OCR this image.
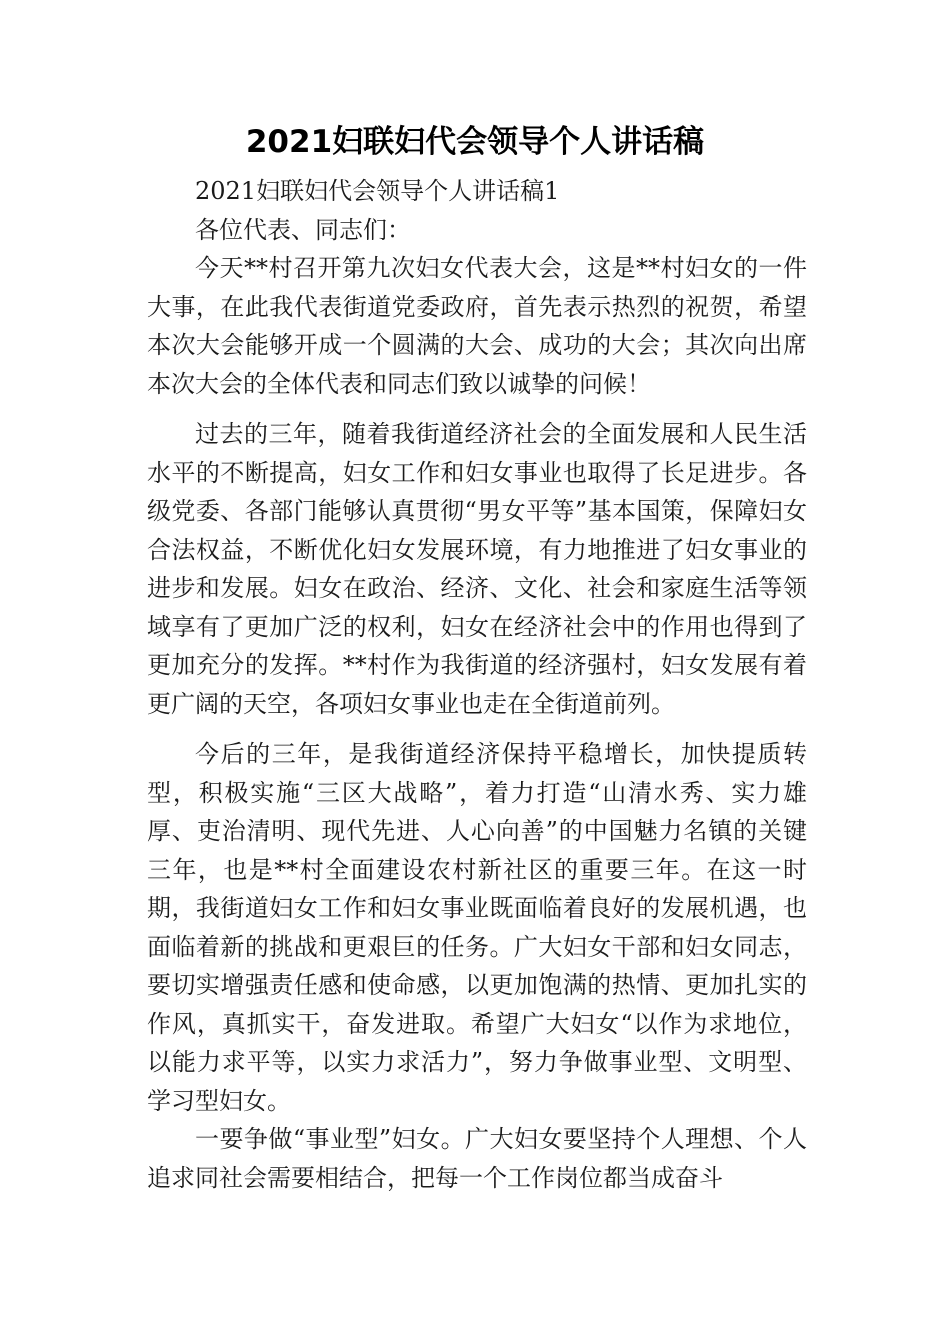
2021妇联妇代会领导个人讲话稿

2021妇联妇代会领导个人讲话稿1

各位代表、同志们：

今天**村召开第九次妇女代表大会，这是**村妇女的一件大事，在此我代表街道党委政府，首先表示热烈的祝贺，希望本次大会能够开成一个圆满的大会、成功的大会；其次向出席本次大会的全体代表和同志们致以诚挚的问候！

过去的三年，随着我街道经济社会的全面发展和人民生活水平的不断提高，妇女工作和妇女事业也取得了长足进步。各级党委、各部门能够认真贯彻“男女平等”基本国策，保障妇女合法权益，不断优化妇女发展环境，有力地推进了妇女事业的进步和发展。妇女在政治、经济、文化、社会和家庭生活等领域享有了更加广泛的权利，妇女在经济社会中的作用也得到了更加充分的发挥。**村作为我街道的经济强村，妇女发展有着更广阔的天空，各项妇女事业也走在全街道前列。

今后的三年，是我街道经济保持平稳增长，加快提质转型，积极实施“三区大战略”，着力打造“山清水秀、实力雄厚、吏治清明、现代先进、人心向善”的中国魅力名镇的关键三年，也是**村全面建设农村新社区的重要三年。在这一时期，我街道妇女工作和妇女事业既面临着良好的发展机遇，也面临着新的挑战和更艰巨的任务。广大妇女干部和妇女同志，要切实增强责任感和使命感，以更加饱满的热情、更加扎实的作风，真抓实干，奋发进取。希望广大妇女“以作为求地位，以能力求平等，以实力求活力”，努力争做事业型、文明型、学习型妇女。

一要争做“事业型”妇女。广大妇女要坚持个人理想、个人追求同社会需要相结合，把每一个工作岗位都当成奋斗
